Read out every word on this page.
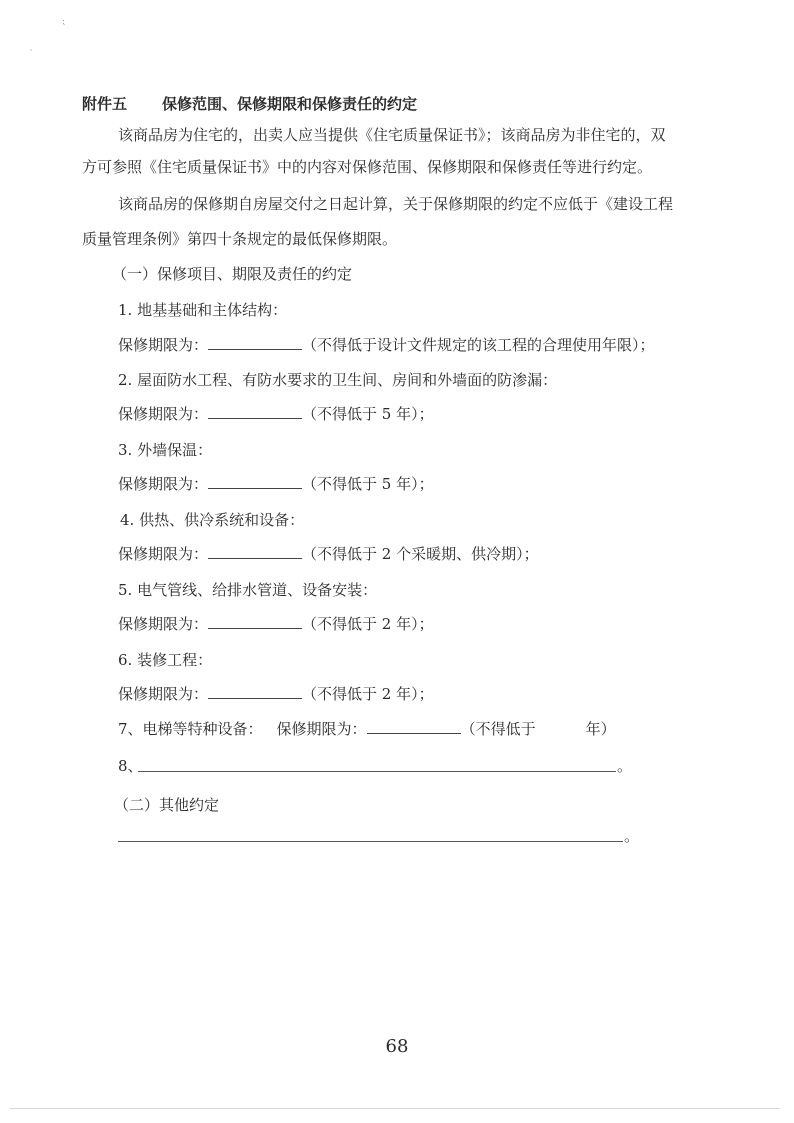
⁏
‵
附件五 保修范围、保修期限和保修责任的约定
该商品房为住宅的，出卖人应当提供《住宅质量保证书》；该商品房为非住宅的，双
方可参照《住宅质量保证书》中的内容对保修范围、保修期限和保修责任等进行约定。
该商品房的保修期自房屋交付之日起计算，关于保修期限的约定不应低于《建设工程
质量管理条例》第四十条规定的最低保修期限。
（一）保修项目、期限及责任的约定
1. 地基基础和主体结构：
保修期限为：	（不得低于设计文件规定的该工程的合理使用年限）；
2. 屋面防水工程、有防水要求的卫生间、房间和外墙面的防渗漏：
保修期限为：	（不得低于 5 年）；
3. 外墙保温：
保修期限为：	（不得低于 5 年）；
4. 供热、供冷系统和设备：
保修期限为：	（不得低于 2 个采暖期、供冷期）；
5. 电气管线、给排水管道、设备安装：
保修期限为：	（不得低于 2 年）；
6. 装修工程：
保修期限为：	（不得低于 2 年）；
7、电梯等特种设备： 保修期限为：	（不得低于	年）
8、	。
（二）其他约定
。
68
